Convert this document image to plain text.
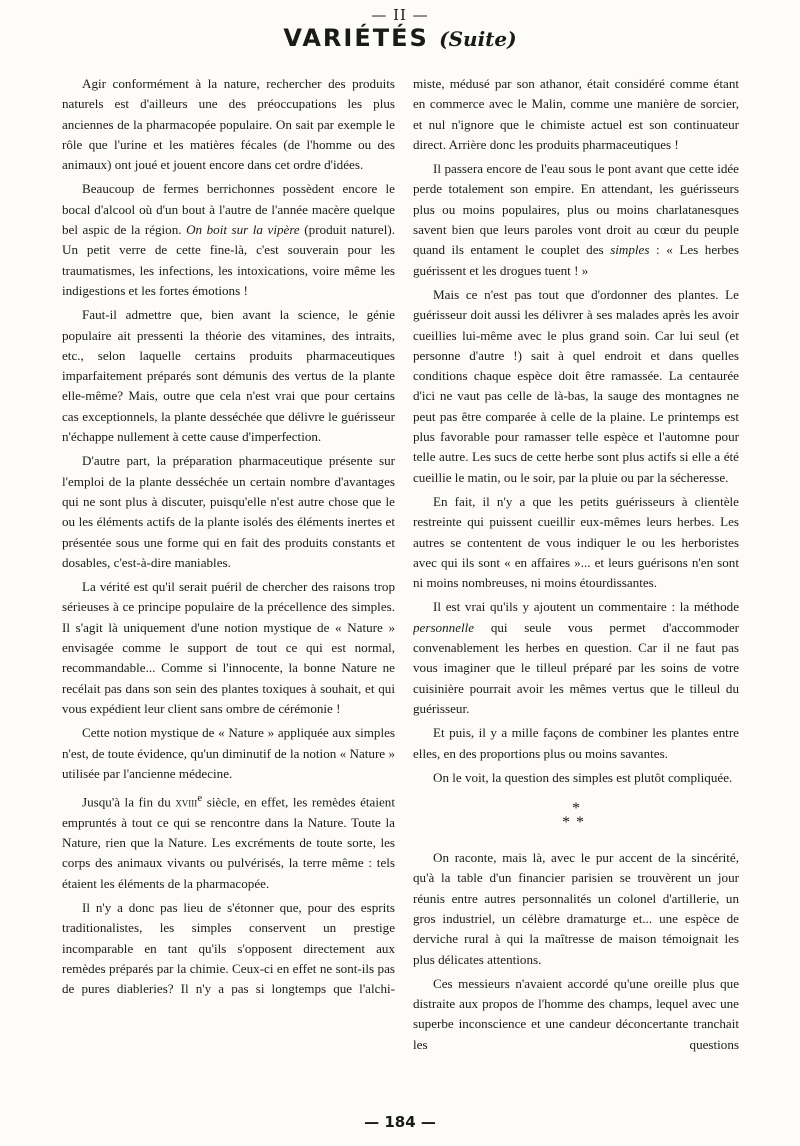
— II —
VARIÉTÉS (Suite)

Agir conformément à la nature, rechercher des produits naturels est d'ailleurs une des préoccupations les plus anciennes de la pharmacopée populaire. On sait par exemple le rôle que l'urine et les matières fécales (de l'homme ou des animaux) ont joué et jouent encore dans cet ordre d'idées.

Beaucoup de fermes berrichonnes possèdent encore le bocal d'alcool où d'un bout à l'autre de l'année macère quelque bel aspic de la région. On boit sur la vipère (produit naturel). Un petit verre de cette fine-là, c'est souverain pour les traumatismes, les infections, les intoxications, voire même les indigestions et les fortes émotions !

Faut-il admettre que, bien avant la science, le génie populaire ait pressenti la théorie des vitamines, des intraits, etc., selon laquelle certains produits pharmaceutiques imparfaitement préparés sont démunis des vertus de la plante elle-même? Mais, outre que cela n'est vrai que pour certains cas exceptionnels, la plante desséchée que délivre le guérisseur n'échappe nullement à cette cause d'imperfection.

D'autre part, la préparation pharmaceutique présente sur l'emploi de la plante desséchée un certain nombre d'avantages qui ne sont plus à discuter, puisqu'elle n'est autre chose que le ou les éléments actifs de la plante isolés des éléments inertes et présentée sous une forme qui en fait des produits constants et dosables, c'est-à-dire maniables.

La vérité est qu'il serait puéril de chercher des raisons trop sérieuses à ce principe populaire de la précellence des simples. Il s'agit là uniquement d'une notion mystique de « Nature » envisagée comme le support de tout ce qui est normal, recommandable... Comme si l'innocente, la bonne Nature ne recélait pas dans son sein des plantes toxiques à souhait, et qui vous expédient leur client sans ombre de cérémonie !

Cette notion mystique de « Nature » appliquée aux simples n'est, de toute évidence, qu'un diminutif de la notion « Nature » utilisée par l'ancienne médecine.

Jusqu'à la fin du xviii$^e$ siècle, en effet, les remèdes étaient empruntés à tout ce qui se rencontre dans la Nature. Toute la Nature, rien que la Nature. Les excréments de toute sorte, les corps des animaux vivants ou pulvérisés, la terre même : tels étaient les éléments de la pharmacopée.

Il n'y a donc pas lieu de s'étonner que, pour des esprits traditionalistes, les simples conservent un prestige incomparable en tant qu'ils s'opposent directement aux remèdes préparés par la chimie. Ceux-ci en effet ne sont-ils pas de pures diableries? Il n'y a pas si longtemps que l'alchi-

miste, médusé par son athanor, était considéré comme étant en commerce avec le Malin, comme une manière de sorcier, et nul n'ignore que le chimiste actuel est son continuateur direct. Arrière donc les produits pharmaceutiques !

Il passera encore de l'eau sous le pont avant que cette idée perde totalement son empire. En attendant, les guérisseurs plus ou moins populaires, plus ou moins charlatanesques savent bien que leurs paroles vont droit au cœur du peuple quand ils entament le couplet des simples : « Les herbes guérissent et les drogues tuent ! »

Mais ce n'est pas tout que d'ordonner des plantes. Le guérisseur doit aussi les délivrer à ses malades après les avoir cueillies lui-même avec le plus grand soin. Car lui seul (et personne d'autre !) sait à quel endroit et dans quelles conditions chaque espèce doit être ramassée. La centaurée d'ici ne vaut pas celle de là-bas, la sauge des montagnes ne peut pas être comparée à celle de la plaine. Le printemps est plus favorable pour ramasser telle espèce et l'automne pour telle autre. Les sucs de cette herbe sont plus actifs si elle a été cueillie le matin, ou le soir, par la pluie ou par la sécheresse.

En fait, il n'y a que les petits guérisseurs à clientèle restreinte qui puissent cueillir eux-mêmes leurs herbes. Les autres se contentent de vous indiquer le ou les herboristes avec qui ils sont « en affaires »... et leurs guérisons n'en sont ni moins nombreuses, ni moins étourdissantes.

Il est vrai qu'ils y ajoutent un commentaire : la méthode personnelle qui seule vous permet d'accommoder convenablement les herbes en question. Car il ne faut pas vous imaginer que le tilleul préparé par les soins de votre cuisinière pourrait avoir les mêmes vertus que le tilleul du guérisseur.

Et puis, il y a mille façons de combiner les plantes entre elles, en des proportions plus ou moins savantes.

On le voit, la question des simples est plutôt compliquée.

*
**

On raconte, mais là, avec le pur accent de la sincérité, qu'à la table d'un financier parisien se trouvèrent un jour réunis entre autres personnalités un colonel d'artillerie, un gros industriel, un célèbre dramaturge et... une espèce de derviche rural à qui la maîtresse de maison témoignait les plus délicates attentions.

Ces messieurs n'avaient accordé qu'une oreille plus que distraite aux propos de l'homme des champs, lequel avec une superbe inconscience et une candeur déconcertante tranchait les questions

— 184 —
